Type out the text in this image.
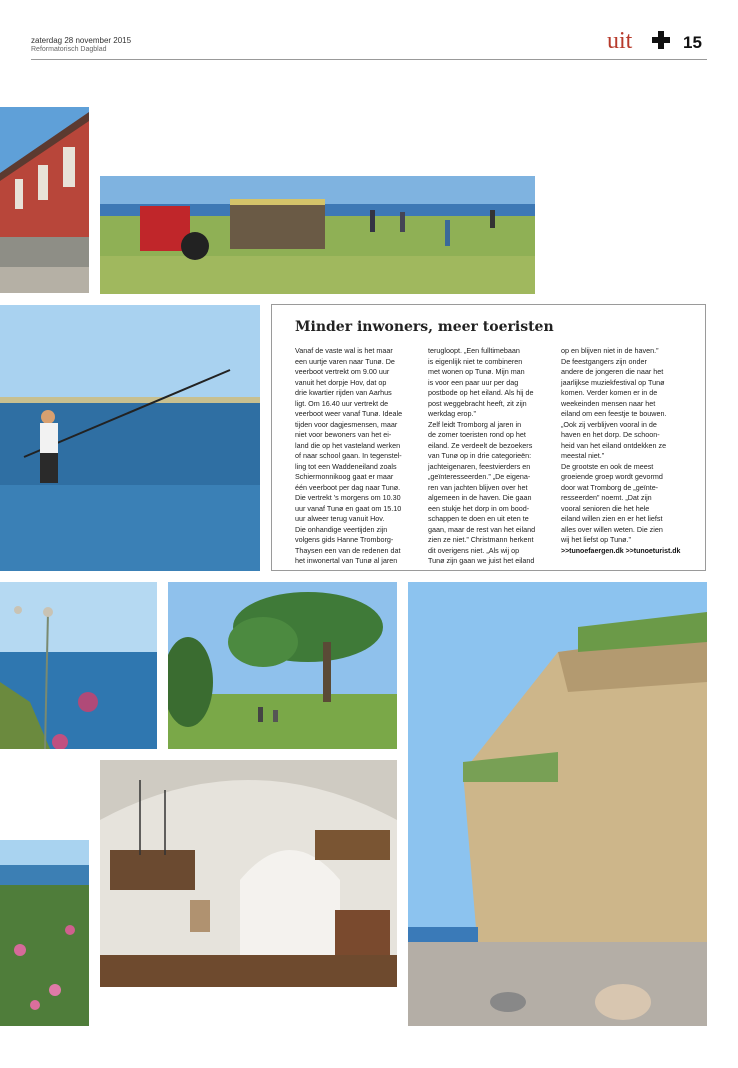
zaterdag 28 november 2015
Reformatorisch Dagblad	uit	15
Minder inwoners, meer toeristen

Vanaf de vaste wal is het maar
een uurtje varen naar Tunø. De
veerboot vertrekt om 9.00 uur
vanuit het dorpje Hov, dat op
drie kwartier rijden van Aarhus
ligt. Om 16.40 uur vertrekt de
veerboot weer vanaf Tunø. Ideale
tijden voor dagjesmensen, maar
niet voor bewoners van het ei-
land die op het vasteland werken
of naar school gaan. In tegenstel-
ling tot een Waddeneiland zoals
Schiermonnikoog gaat er maar
één veerboot per dag naar Tunø.
Die vertrekt 's morgens om 10.30
uur vanaf Tunø en gaat om 15.10
uur alweer terug vanuit Hov.
Die onhandige veertijden zijn
volgens gids Hanne Tromborg-
Thaysen een van de redenen dat
het inwonertal van Tunø al jaren

terugloopt. „Een fulltimebaan
is eigenlijk niet te combineren
met wonen op Tunø. Mijn man
is voor een paar uur per dag
postbode op het eiland. Als hij de
post weggebracht heeft, zit zijn
werkdag erop.”
Zelf leidt Tromborg al jaren in
de zomer toeristen rond op het
eiland. Ze verdeelt de bezoekers
van Tunø op in drie categorieën:
jachteigenaren, feestvierders en
„geïnteresseerden.” „De eigena-
ren van jachten blijven over het
algemeen in de haven. Die gaan
een stukje het dorp in om bood-
schappen te doen en uit eten te
gaan, maar de rest van het eiland
zien ze niet.” Christmann herkent
dit overigens niet. „Als wij op
Tunø zijn gaan we juist het eiland

op en blijven niet in de haven.”
De feestgangers zijn onder
andere de jongeren die naar het
jaarlijkse muziekfestival op Tunø
komen. Verder komen er in de
weekeinden mensen naar het
eiland om een feestje te bouwen.
„Ook zij verblijven vooral in de
haven en het dorp. De schoon-
heid van het eiland ontdekken ze
meestal niet.”
De grootste en ook de meest
groeiende groep wordt gevormd
door wat Tromborg de „geïnte-
resseerden” noemt. „Dat zijn
vooral senioren die het hele
eiland willen zien en er het liefst
alles over willen weten. Die zien
wij het liefst op Tunø.”

>>tunoefaergen.dk >>tunoeturist.dk
